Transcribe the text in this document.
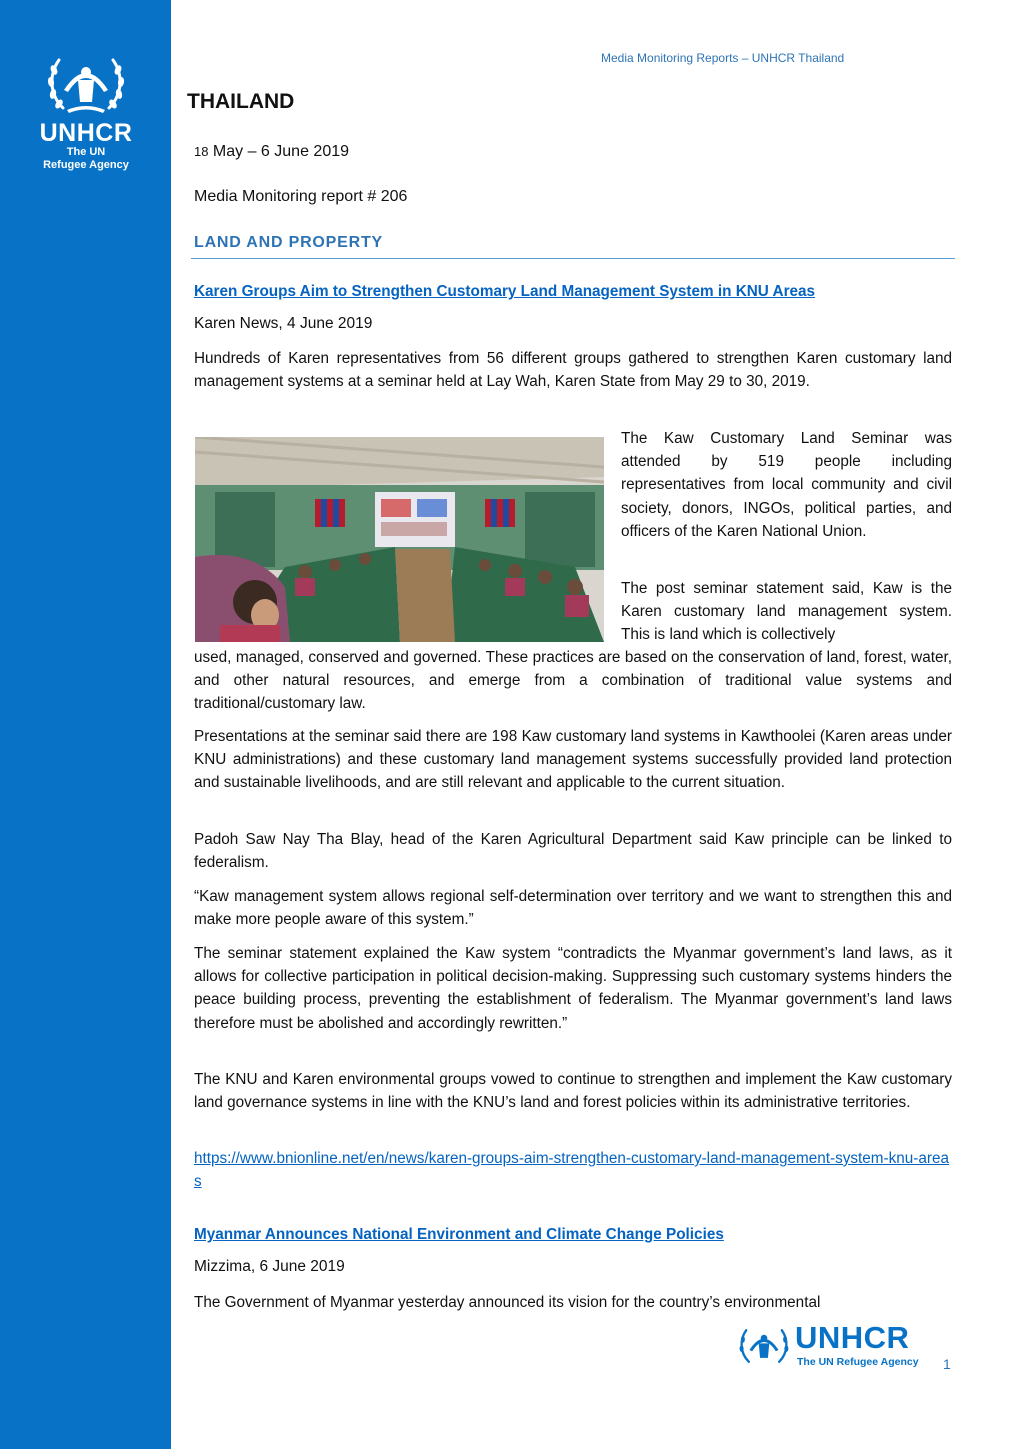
UNHCR
The UN
Refugee Agency
Media Monitoring Reports – UNHCR Thailand
THAILAND
18 May – 6 June 2019
Media Monitoring report # 206
LAND AND PROPERTY
Karen Groups Aim to Strengthen Customary Land Management System in KNU Areas
Karen News, 4 June 2019

Hundreds of Karen representatives from 56 different groups gathered to strengthen Karen customary land management systems at a seminar held at Lay Wah, Karen State from May 29 to 30, 2019.

The Kaw Customary Land Seminar was attended by 519 people including representatives from local community and civil society, donors, INGOs, political parties, and officers of the Karen National Union.

The post seminar statement said, Kaw is the Karen customary land management system. This is land which is collectively

used, managed, conserved and governed. These practices are based on the conservation of land, forest, water, and other natural resources, and emerge from a combination of traditional value systems and traditional/customary law.

Presentations at the seminar said there are 198 Kaw customary land systems in Kawthoolei (Karen areas under KNU administrations) and these customary land management systems successfully provided land protection and sustainable livelihoods, and are still relevant and applicable to the current situation.

Padoh Saw Nay Tha Blay, head of the Karen Agricultural Department said Kaw principle can be linked to federalism.

“Kaw management system allows regional self-determination over territory and we want to strengthen this and make more people aware of this system.”

The seminar statement explained the Kaw system “contradicts the Myanmar government’s land laws, as it allows for collective participation in political decision-making. Suppressing such customary systems hinders the peace building process, preventing the establishment of federalism. The Myanmar government’s land laws therefore must be abolished and accordingly rewritten.”

The KNU and Karen environmental groups vowed to continue to strengthen and implement the Kaw customary land governance systems in line with the KNU’s land and forest policies within its administrative territories.

https://www.bnionline.net/en/news/karen-groups-aim-strengthen-customary-land-management-system-knu-areas

Myanmar Announces National Environment and Climate Change Policies
Mizzima, 6 June 2019

The Government of Myanmar yesterday announced its vision for the country’s environmental

UNHCR
The UN Refugee Agency 1
